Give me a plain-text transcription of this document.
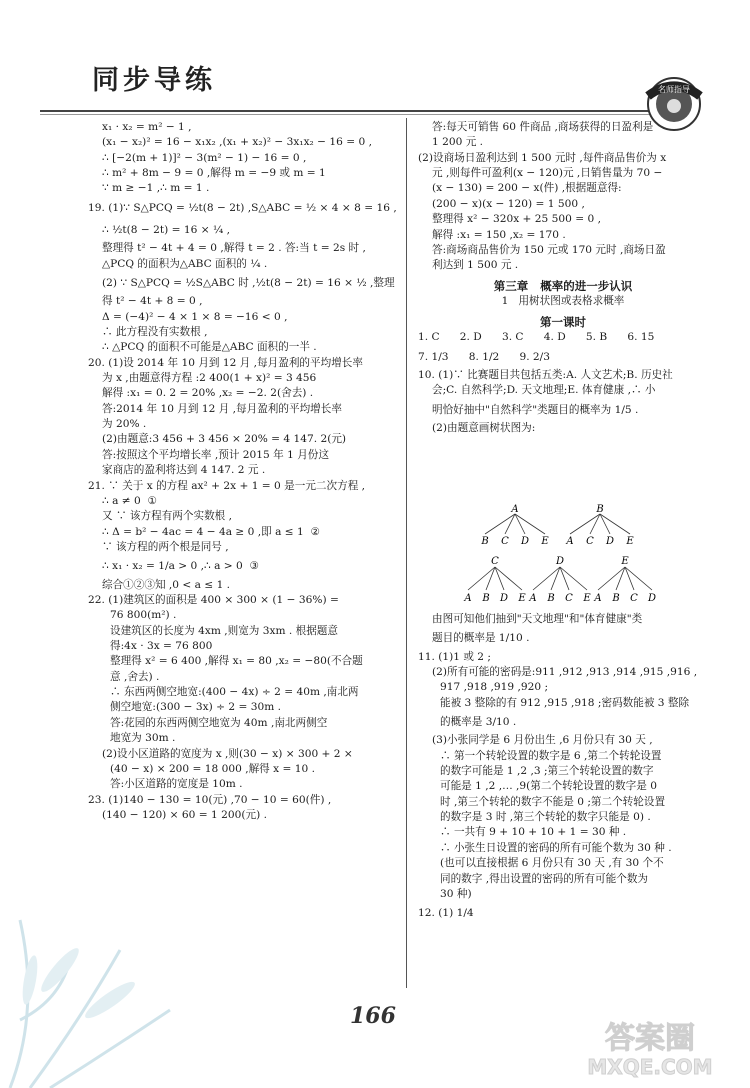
同步导练	名师指导

x₁ · x₂ = m² − 1 ,

(x₁ − x₂)² = 16 − x₁x₂ ,(x₁ + x₂)² − 3x₁x₂ − 16 = 0 ,

∴ [−2(m + 1)]² − 3(m² − 1) − 16 = 0 ,

∴ m² + 8m − 9 = 0 ,解得 m = −9 或 m = 1

∵ m ≥ −1 ,∴ m = 1 .

19. (1)∵ S△PCQ = ½t(8 − 2t) ,S△ABC = ½ × 4 × 8 = 16 ,

∴ ½t(8 − 2t) = 16 × ¼ ,

整理得 t² − 4t + 4 = 0 ,解得 t = 2 . 答:当 t = 2s 时 ,

△PCQ 的面积为△ABC 面积的 ¼ .

(2) ∵ S△PCQ = ½S△ABC 时 ,½t(8 − 2t) = 16 × ½ ,整理

得 t² − 4t + 8 = 0 ,

Δ = (−4)² − 4 × 1 × 8 = −16 < 0 ,

∴ 此方程没有实数根 ,

∴ △PCQ 的面积不可能是△ABC 面积的一半 .

20. (1)设 2014 年 10 月到 12 月 ,每月盈利的平均增长率

为 x ,由题意得方程 :2 400(1 + x)² = 3 456

解得 :x₁ = 0. 2 = 20% ,x₂ = −2. 2(舍去) .

答:2014 年 10 月到 12 月 ,每月盈利的平均增长率

为 20% .

(2)由题意:3 456 + 3 456 × 20% = 4 147. 2(元)

答:按照这个平均增长率 ,预计 2015 年 1 月份这

家商店的盈利将达到 4 147. 2 元 .

21. ∵ 关于 x 的方程 ax² + 2x + 1 = 0 是一元二次方程 ,

∴ a ≠ 0  ①

又 ∵ 该方程有两个实数根 ,

∴ Δ = b² − 4ac = 4 − 4a ≥ 0 ,即 a ≤ 1  ②

∵ 该方程的两个根是同号 ,

∴ x₁ · x₂ = 1/a > 0 ,∴ a > 0  ③

综合①②③知 ,0 < a ≤ 1 .

22. (1)建筑区的面积是 400 × 300 × (1 − 36%) =

76 800(m²) .

设建筑区的长度为 4xm ,则宽为 3xm . 根据题意

得:4x · 3x = 76 800

整理得 x² = 6 400 ,解得 x₁ = 80 ,x₂ = −80(不合题

意 ,舍去) .

∴ 东西两侧空地宽:(400 − 4x) ÷ 2 = 40m ,南北两

侧空地宽:(300 − 3x) ÷ 2 = 30m .

答:花园的东西两侧空地宽为 40m ,南北两侧空

地宽为 30m .

(2)设小区道路的宽度为 x ,则(30 − x) × 300 + 2 ×

(40 − x) × 200 = 18 000 ,解得 x = 10 .

答:小区道路的宽度是 10m .

23. (1)140 − 130 = 10(元) ,70 − 10 = 60(件) ,

(140 − 120) × 60 = 1 200(元) .

答:每天可销售 60 件商品 ,商场获得的日盈利是

1 200 元 .

(2)设商场日盈利达到 1 500 元时 ,每件商品售价为 x

元 ,则每件可盈利(x − 120)元 ,日销售量为 70 −

(x − 130) = 200 − x(件) ,根据题意得:

(200 − x)(x − 120) = 1 500 ,

整理得 x² − 320x + 25 500 = 0 ,

解得 :x₁ = 150 ,x₂ = 170 .

答:商场商品售价为 150 元或 170 元时 ,商场日盈

利达到 1 500 元 .

第三章   概率的进一步认识

1   用树状图或表格求概率

第一课时

1. C      2. D      3. C      4. D      5. B      6. 15

7. 1/3      8. 1/2      9. 2/3

10. (1)∵ 比赛题目共包括五类:A. 人文艺术;B. 历史社

会;C. 自然科学;D. 天文地理;E. 体育健康 ,∴ 小

明恰好抽中"自然科学"类题目的概率为 1/5 .

(2)由题意画树状图为:

A
B C D E
B
A C D E
C
A B D E
D
A B C E
E
A B C D

由图可知他们抽到"天文地理"和"体育健康"类

题目的概率是 1/10 .

11. (1)1 或 2 ;

(2)所有可能的密码是:911 ,912 ,913 ,914 ,915 ,916 ,

917 ,918 ,919 ,920 ;

能被 3 整除的有 912 ,915 ,918 ;密码数能被 3 整除

的概率是 3/10 .

(3)小张同学是 6 月份出生 ,6 月份只有 30 天 ,

∴ 第一个转轮设置的数字是 6 ,第二个转轮设置

的数字可能是 1 ,2 ,3 ;第三个转轮设置的数字

可能是 1 ,2 ,… ,9(第二个转轮设置的数字是 0

时 ,第三个转轮的数字不能是 0 ;第二个转轮设置

的数字是 3 时 ,第三个转轮的数字只能是 0) .

∴ 一共有 9 + 10 + 10 + 1 = 30 种 .

∴ 小张生日设置的密码的所有可能个数为 30 种 .

(也可以直接根据 6 月份只有 30 天 ,有 30 个不

同的数字 ,得出设置的密码的所有可能个数为

30 种)

12. (1) 1/4

166
答案圈
MXQE.COM
